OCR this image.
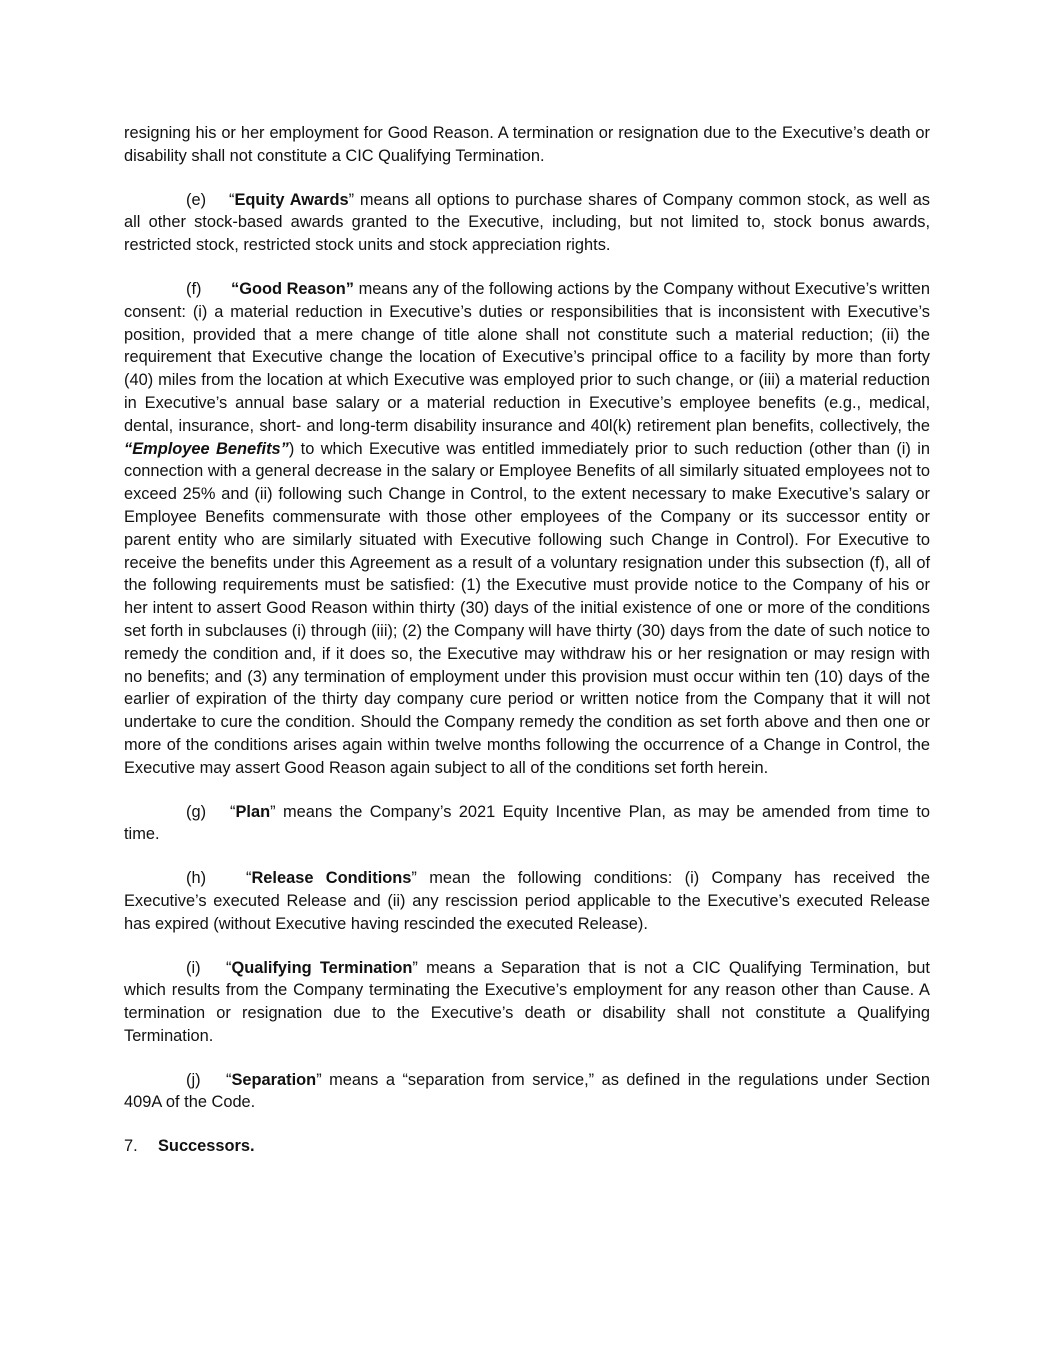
resigning his or her employment for Good Reason. A termination or resignation due to the Executive’s death or disability shall not constitute a CIC Qualifying Termination.

(e) “Equity Awards” means all options to purchase shares of Company common stock, as well as all other stock-based awards granted to the Executive, including, but not limited to, stock bonus awards, restricted stock, restricted stock units and stock appreciation rights.

(f) “Good Reason” means any of the following actions by the Company without Executive’s written consent: (i) a material reduction in Executive’s duties or responsibilities that is inconsistent with Executive’s position, provided that a mere change of title alone shall not constitute such a material reduction; (ii) the requirement that Executive change the location of Executive’s principal office to a facility by more than forty (40) miles from the location at which Executive was employed prior to such change, or (iii) a material reduction in Executive’s annual base salary or a material reduction in Executive’s employee benefits (e.g., medical, dental, insurance, short- and long-term disability insurance and 40l(k) retirement plan benefits, collectively, the “Employee Benefits”) to which Executive was entitled immediately prior to such reduction (other than (i) in connection with a general decrease in the salary or Employee Benefits of all similarly situated employees not to exceed 25% and (ii) following such Change in Control, to the extent necessary to make Executive’s salary or Employee Benefits commensurate with those other employees of the Company or its successor entity or parent entity who are similarly situated with Executive following such Change in Control). For Executive to receive the benefits under this Agreement as a result of a voluntary resignation under this subsection (f), all of the following requirements must be satisfied: (1) the Executive must provide notice to the Company of his or her intent to assert Good Reason within thirty (30) days of the initial existence of one or more of the conditions set forth in subclauses (i) through (iii); (2) the Company will have thirty (30) days from the date of such notice to remedy the condition and, if it does so, the Executive may withdraw his or her resignation or may resign with no benefits; and (3) any termination of employment under this provision must occur within ten (10) days of the earlier of expiration of the thirty day company cure period or written notice from the Company that it will not undertake to cure the condition. Should the Company remedy the condition as set forth above and then one or more of the conditions arises again within twelve months following the occurrence of a Change in Control, the Executive may assert Good Reason again subject to all of the conditions set forth herein.

(g) “Plan” means the Company’s 2021 Equity Incentive Plan, as may be amended from time to time.

(h) “Release Conditions” mean the following conditions: (i) Company has received the Executive’s executed Release and (ii) any rescission period applicable to the Executive’s executed Release has expired (without Executive having rescinded the executed Release).

(i) “Qualifying Termination” means a Separation that is not a CIC Qualifying Termination, but which results from the Company terminating the Executive’s employment for any reason other than Cause. A termination or resignation due to the Executive’s death or disability shall not constitute a Qualifying Termination.

(j) “Separation” means a “separation from service,” as defined in the regulations under Section 409A of the Code.

7. Successors.
